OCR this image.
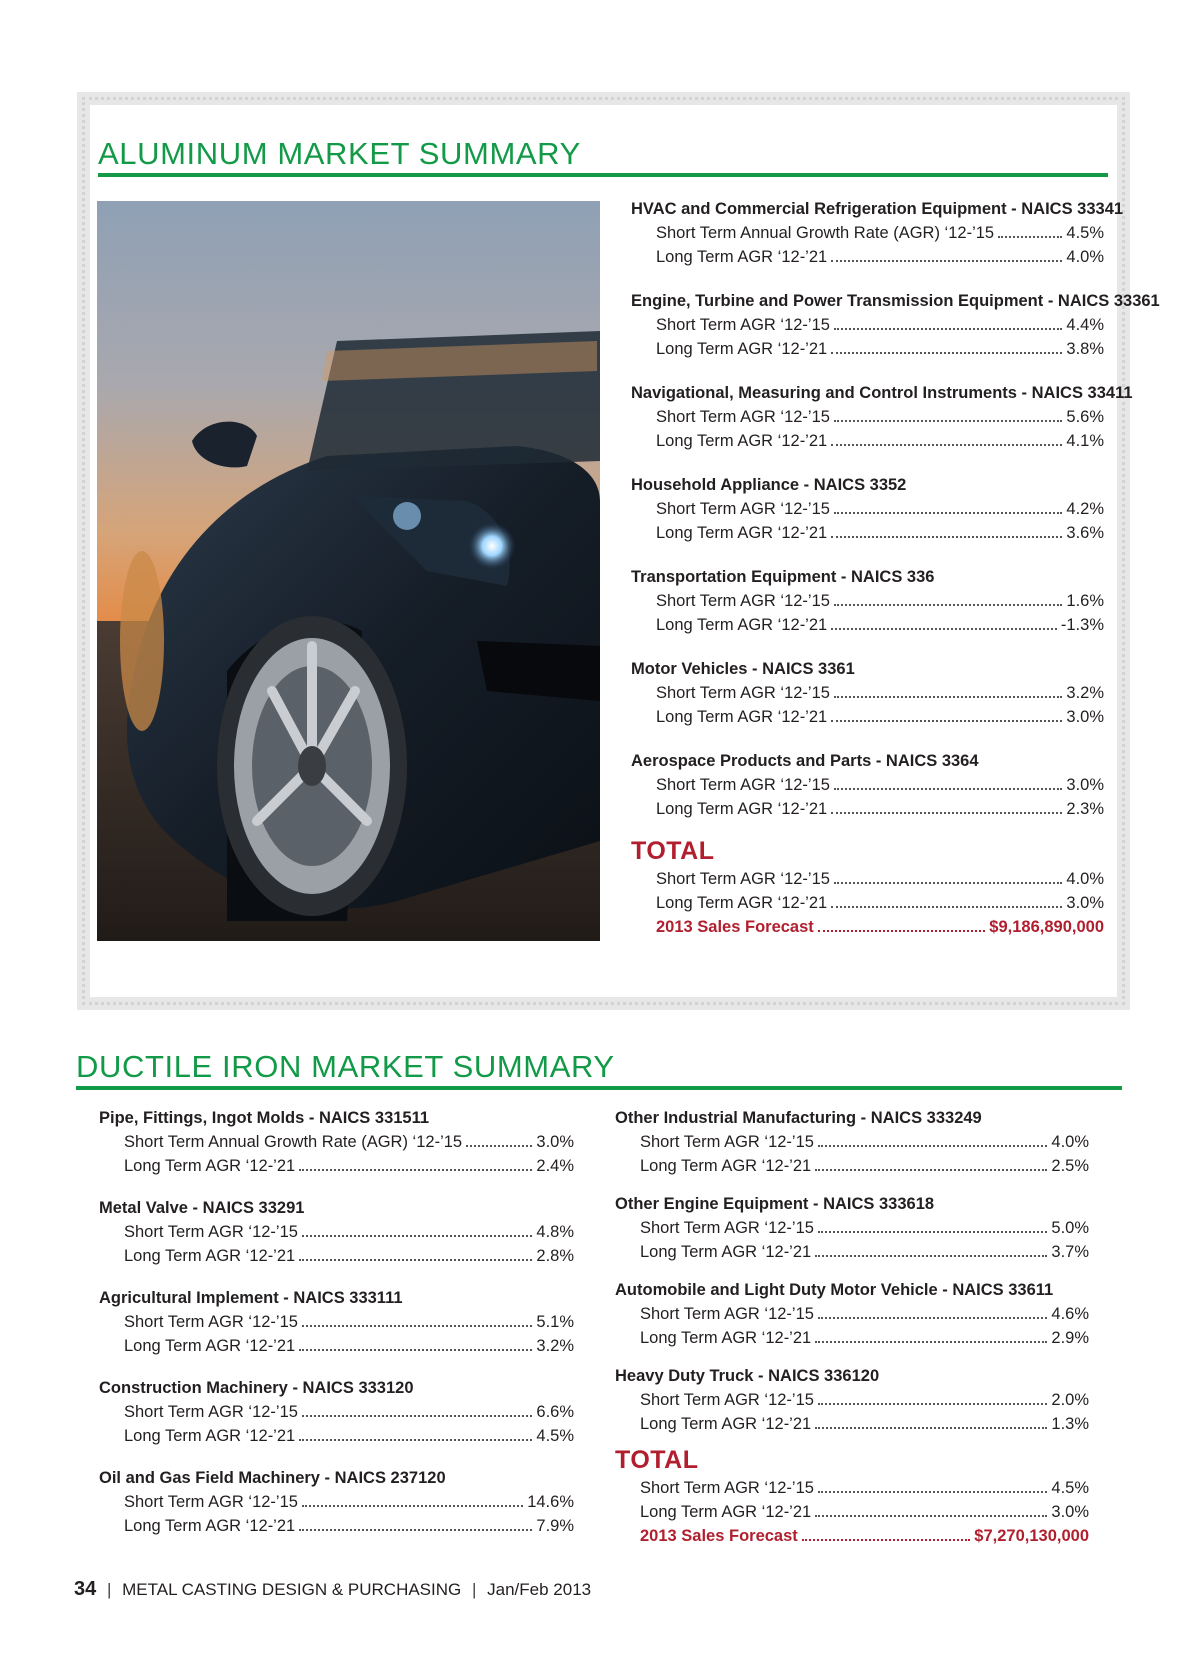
ALUMINUM MARKET SUMMARY
HVAC and Commercial Refrigeration Equipment - NAICS 33341
Short Term Annual Growth Rate (AGR) ‘12-’15	4.5%
Long Term AGR ‘12-’21	4.0%
Engine, Turbine and Power Transmission Equipment - NAICS 33361
Short Term AGR ‘12-’15	4.4%
Long Term AGR ‘12-’21	3.8%
Navigational, Measuring and Control Instruments - NAICS 33411
Short Term AGR ‘12-’15	5.6%
Long Term AGR ‘12-’21	4.1%
Household Appliance - NAICS 3352
Short Term AGR ‘12-’15	4.2%
Long Term AGR ‘12-’21	3.6%
Transportation Equipment - NAICS 336
Short Term AGR ‘12-’15	1.6%
Long Term AGR ‘12-’21	-1.3%
Motor Vehicles - NAICS 3361
Short Term AGR ‘12-’15	3.2%
Long Term AGR ‘12-’21	3.0%
Aerospace Products and Parts - NAICS 3364
Short Term AGR ‘12-’15	3.0%
Long Term AGR ‘12-’21	2.3%
TOTAL
Short Term AGR ‘12-’15	4.0%
Long Term AGR ‘12-’21	3.0%
2013 Sales Forecast	$9,186,890,000
DUCTILE IRON MARKET SUMMARY
Pipe, Fittings, Ingot Molds - NAICS 331511
Short Term Annual Growth Rate (AGR) ‘12-’15	3.0%
Long Term AGR ‘12-’21	2.4%
Metal Valve - NAICS 33291
Short Term AGR ‘12-’15	4.8%
Long Term AGR ‘12-’21	2.8%
Agricultural Implement - NAICS 333111
Short Term AGR ‘12-’15	5.1%
Long Term AGR ‘12-’21	3.2%
Construction Machinery - NAICS 333120
Short Term AGR ‘12-’15	6.6%
Long Term AGR ‘12-’21	4.5%
Oil and Gas Field Machinery - NAICS 237120
Short Term AGR ‘12-’15	14.6%
Long Term AGR ‘12-’21	7.9%
Other Industrial Manufacturing - NAICS 333249
Short Term AGR ‘12-’15	4.0%
Long Term AGR ‘12-’21	2.5%
Other Engine Equipment - NAICS 333618
Short Term AGR ‘12-’15	5.0%
Long Term AGR ‘12-’21	3.7%
Automobile and Light Duty Motor Vehicle - NAICS 33611
Short Term AGR ‘12-’15	4.6%
Long Term AGR ‘12-’21	2.9%
Heavy Duty Truck - NAICS 336120
Short Term AGR ‘12-’15	2.0%
Long Term AGR ‘12-’21	1.3%
TOTAL
Short Term AGR ‘12-’15	4.5%
Long Term AGR ‘12-’21	3.0%
2013 Sales Forecast	$7,270,130,000
34 | METAL CASTING DESIGN & PURCHASING | Jan/Feb 2013
